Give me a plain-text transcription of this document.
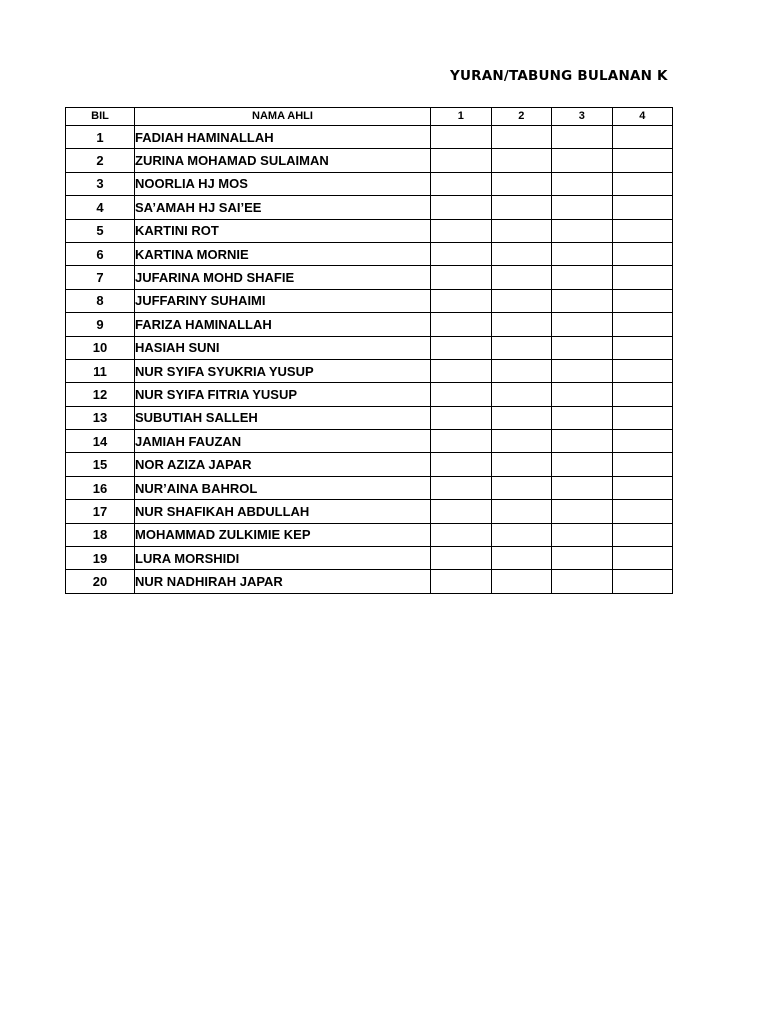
YURAN/TABUNG BULANAN K
BIL	NAMA AHLI	1	2	3	4
1	FADIAH HAMINALLAH				
2	ZURINA MOHAMAD SULAIMAN				
3	NOORLIA HJ MOS				
4	SA’AMAH HJ SAI’EE				
5	KARTINI ROT				
6	KARTINA MORNIE				
7	JUFARINA MOHD SHAFIE				
8	JUFFARINY SUHAIMI				
9	FARIZA HAMINALLAH				
10	HASIAH SUNI				
11	NUR SYIFA SYUKRIA YUSUP				
12	NUR SYIFA FITRIA YUSUP				
13	SUBUTIAH SALLEH				
14	JAMIAH FAUZAN				
15	NOR AZIZA JAPAR				
16	NUR’AINA BAHROL				
17	NUR SHAFIKAH ABDULLAH				
18	MOHAMMAD ZULKIMIE KEP				
19	LURA MORSHIDI				
20	NUR NADHIRAH JAPAR				
